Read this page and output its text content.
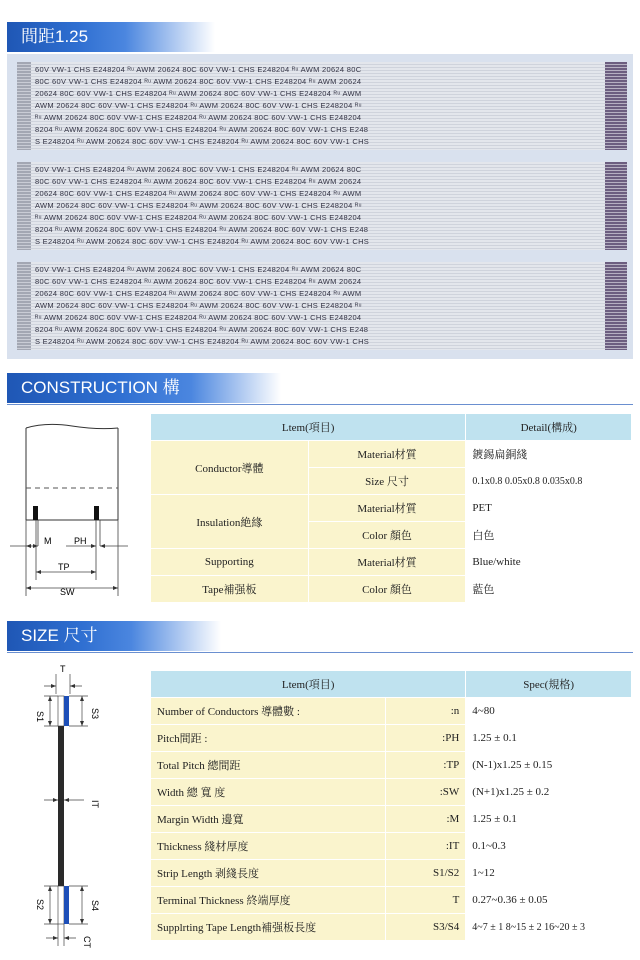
間距1.25
60V VW-1 CHS E248204 ᴿᵘ AWM 20624 80C 60V VW-1 CHS E248204 ᴿᵘ AWM 20624 80C
80C 60V VW-1 CHS E248204 ᴿᵘ AWM 20624 80C 60V VW-1 CHS E248204 ᴿᵘ AWM 20624
20624 80C 60V VW-1 CHS E248204 ᴿᵘ AWM 20624 80C 60V VW-1 CHS E248204 ᴿᵘ AWM
AWM 20624 80C 60V VW-1 CHS E248204 ᴿᵘ AWM 20624 80C 60V VW-1 CHS E248204 ᴿᵘ
ᴿᵘ AWM 20624 80C 60V VW-1 CHS E248204 ᴿᵘ AWM 20624 80C 60V VW-1 CHS E248204
8204 ᴿᵘ AWM 20624 80C 60V VW-1 CHS E248204 ᴿᵘ AWM 20624 80C 60V VW-1 CHS E248
S E248204 ᴿᵘ AWM 20624 80C 60V VW-1 CHS E248204 ᴿᵘ AWM 20624 80C 60V VW-1 CHS
60V VW-1 CHS E248204 ᴿᵘ AWM 20624 80C 60V VW-1 CHS E248204 ᴿᵘ AWM 20624 80C
80C 60V VW-1 CHS E248204 ᴿᵘ AWM 20624 80C 60V VW-1 CHS E248204 ᴿᵘ AWM 20624
20624 80C 60V VW-1 CHS E248204 ᴿᵘ AWM 20624 80C 60V VW-1 CHS E248204 ᴿᵘ AWM
AWM 20624 80C 60V VW-1 CHS E248204 ᴿᵘ AWM 20624 80C 60V VW-1 CHS E248204 ᴿᵘ
ᴿᵘ AWM 20624 80C 60V VW-1 CHS E248204 ᴿᵘ AWM 20624 80C 60V VW-1 CHS E248204
8204 ᴿᵘ AWM 20624 80C 60V VW-1 CHS E248204 ᴿᵘ AWM 20624 80C 60V VW-1 CHS E248
S E248204 ᴿᵘ AWM 20624 80C 60V VW-1 CHS E248204 ᴿᵘ AWM 20624 80C 60V VW-1 CHS
60V VW-1 CHS E248204 ᴿᵘ AWM 20624 80C 60V VW-1 CHS E248204 ᴿᵘ AWM 20624 80C
80C 60V VW-1 CHS E248204 ᴿᵘ AWM 20624 80C 60V VW-1 CHS E248204 ᴿᵘ AWM 20624
20624 80C 60V VW-1 CHS E248204 ᴿᵘ AWM 20624 80C 60V VW-1 CHS E248204 ᴿᵘ AWM
AWM 20624 80C 60V VW-1 CHS E248204 ᴿᵘ AWM 20624 80C 60V VW-1 CHS E248204 ᴿᵘ
ᴿᵘ AWM 20624 80C 60V VW-1 CHS E248204 ᴿᵘ AWM 20624 80C 60V VW-1 CHS E248204
8204 ᴿᵘ AWM 20624 80C 60V VW-1 CHS E248204 ᴿᵘ AWM 20624 80C 60V VW-1 CHS E248
S E248204 ᴿᵘ AWM 20624 80C 60V VW-1 CHS E248204 ᴿᵘ AWM 20624 80C 60V VW-1 CHS
CONSTRUCTION 構造
M	PH
TP
SW
Ltem(項目)		Detail(構成)
Conductor導體	Material材質	鍍錫扁銅綫
	Size 尺寸	0.1x0.8 0.05x0.8 0.035x0.8
Insulation絶緣	Material材質	PET
	Color 顏色	白色
Supporting	Material材質	Blue/white
Tape補强板	Color 顏色	藍色
SIZE 尺寸
T
S1	S3
IT
S2	S4
CT
Ltem(項目)		Spec(規格)
Number of Conductors 導體數 :	:n	4~80
Pitch間距 :	:PH	1.25 ± 0.1
Total Pitch 總間距	:TP	(N-1)x1.25 ± 0.15
Width 總 寬 度	:SW	(N+1)x1.25 ± 0.2
Margin Width 邊寬	:M	1.25 ± 0.1
Thickness 綫材厚度	:IT	0.1~0.3
Strip Length 剥綫長度	S1/S2	1~12
Terminal Thickness 終端厚度	T	0.27~0.36 ± 0.05
Supplrting Tape Length補强板長度	S3/S4	4~7 ± 1 8~15 ± 2 16~20 ± 3
